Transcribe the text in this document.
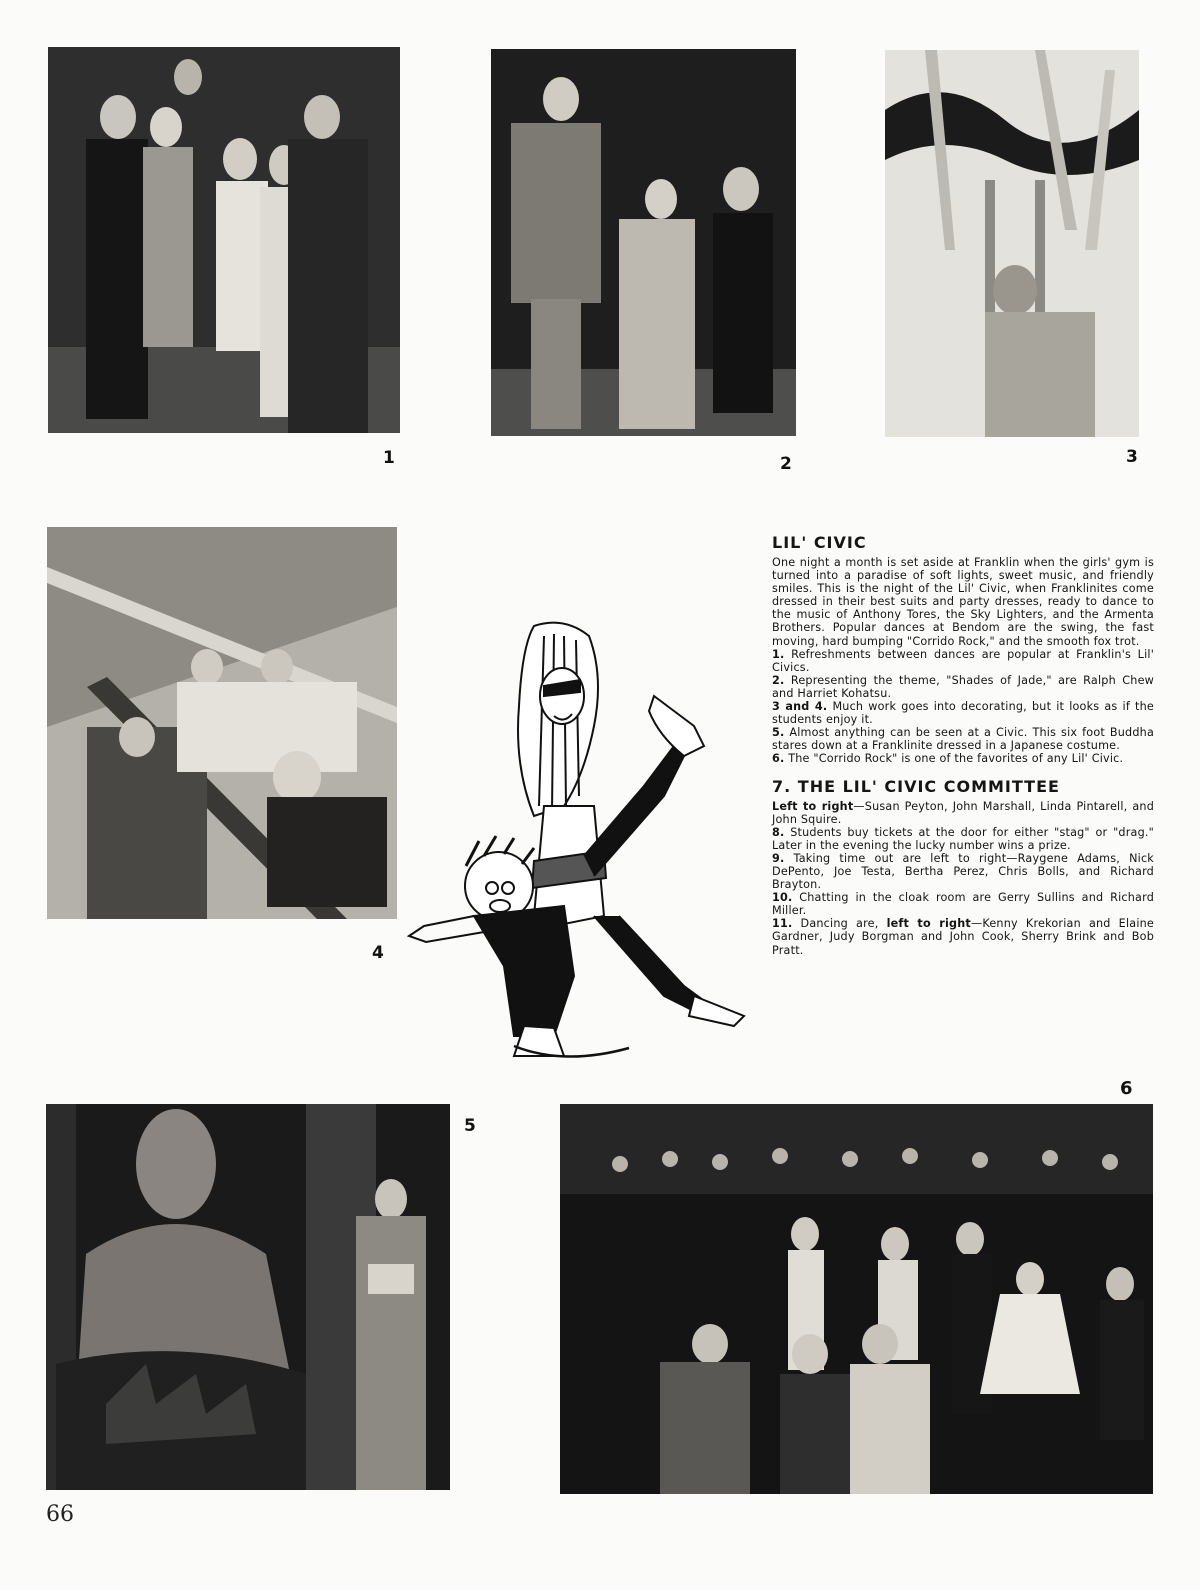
1	2	3
4
LIL' CIVIC

One night a month is set aside at Franklin when the girls' gym is turned into a paradise of soft lights, sweet music, and friendly smiles. This is the night of the Lil' Civic, when Franklinites come dressed in their best suits and party dresses, ready to dance to the music of Anthony Tores, the Sky Lighters, and the Armenta Brothers. Popular dances at Bendom are the swing, the fast moving, hard bumping "Corrido Rock," and the smooth fox trot.

1. Refreshments between dances are popular at Franklin's Lil' Civics.

2. Representing the theme, "Shades of Jade," are Ralph Chew and Harriet Kohatsu.

3 and 4. Much work goes into decorating, but it looks as if the students enjoy it.

5. Almost anything can be seen at a Civic. This six foot Buddha stares down at a Franklinite dressed in a Japanese costume.

6. The "Corrido Rock" is one of the favorites of any Lil' Civic.

7. THE LIL' CIVIC COMMITTEE

Left to right—Susan Peyton, John Marshall, Linda Pintarell, and John Squire.

8. Students buy tickets at the door for either "stag" or "drag." Later in the evening the lucky number wins a prize.

9. Taking time out are left to right—Raygene Adams, Nick DePento, Joe Testa, Bertha Perez, Chris Bolls, and Richard Brayton.

10. Chatting in the cloak room are Gerry Sullins and Richard Miller.

11. Dancing are, left to right—Kenny Krekorian and Elaine Gardner, Judy Borgman and John Cook, Sherry Brink and Bob Pratt.

6
5
66
